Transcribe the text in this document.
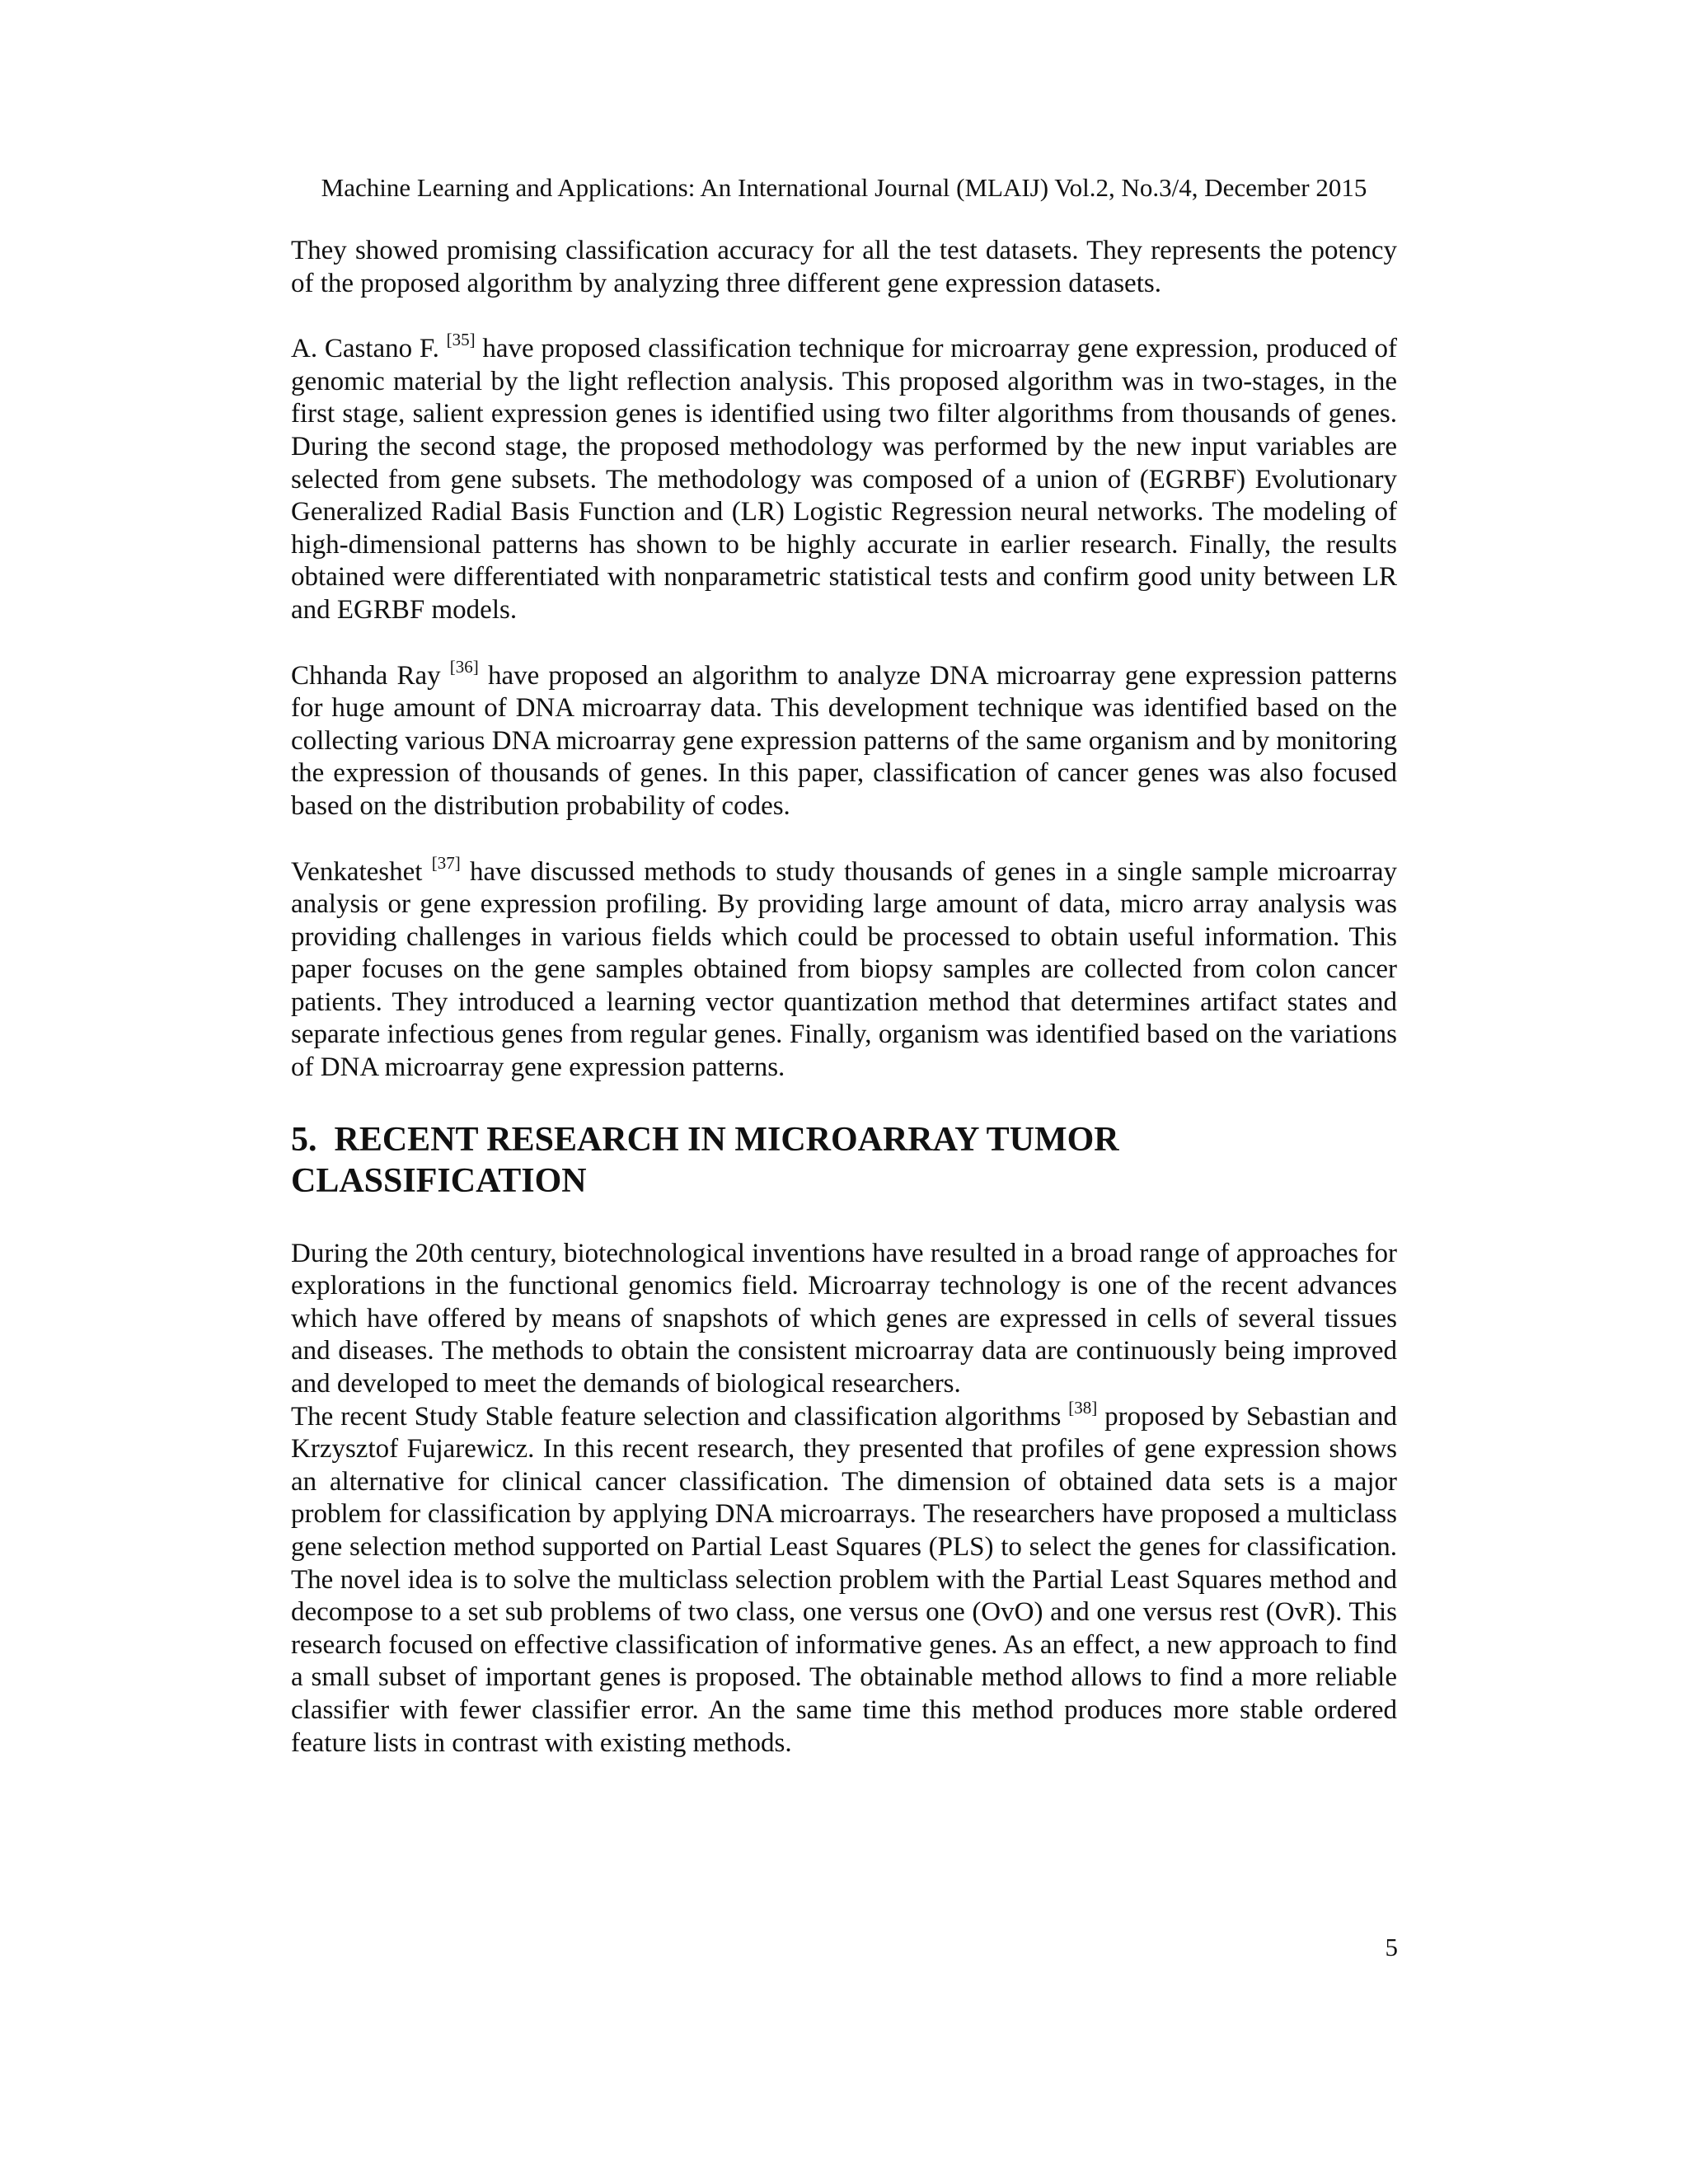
Machine Learning and Applications: An International Journal (MLAIJ) Vol.2, No.3/4, December 2015

They showed promising classification accuracy for all the test datasets. They represents the potency of the proposed algorithm by analyzing three different gene expression datasets.

A. Castano F. [35] have proposed classification technique for microarray gene expression, produced of genomic material by the light reflection analysis. This proposed algorithm was in two-stages, in the first stage, salient expression genes is identified using two filter algorithms from thousands of genes. During the second stage, the proposed methodology was performed by the new input variables are selected from gene subsets. The methodology was composed of a union of (EGRBF) Evolutionary Generalized Radial Basis Function and (LR) Logistic Regression neural networks. The modeling of high-dimensional patterns has shown to be highly accurate in earlier research. Finally, the results obtained were differentiated with nonparametric statistical tests and confirm good unity between LR and EGRBF models.

Chhanda Ray [36] have proposed an algorithm to analyze DNA microarray gene expression patterns for huge amount of DNA microarray data. This development technique was identified based on the collecting various DNA microarray gene expression patterns of the same organism and by monitoring the expression of thousands of genes. In this paper, classification of cancer genes was also focused based on the distribution probability of codes.

Venkateshet [37] have discussed methods to study thousands of genes in a single sample microarray analysis or gene expression profiling. By providing large amount of data, micro array analysis was providing challenges in various fields which could be processed to obtain useful information. This paper focuses on the gene samples obtained from biopsy samples are collected from colon cancer patients. They introduced a learning vector quantization method that determines artifact states and separate infectious genes from regular genes. Finally, organism was identified based on the variations of DNA microarray gene expression patterns.

5.  RECENT RESEARCH IN MICROARRAY TUMOR
CLASSIFICATION

During the 20th century, biotechnological inventions have resulted in a broad range of approaches for explorations in the functional genomics field. Microarray technology is one of the recent advances which have offered by means of snapshots of which genes are expressed in cells of several tissues and diseases. The methods to obtain the consistent microarray data are continuously being improved and developed to meet the demands of biological researchers.

The recent Study Stable feature selection and classification algorithms [38] proposed by Sebastian and Krzysztof Fujarewicz. In this recent research, they presented that profiles of gene expression shows an alternative for clinical cancer classification. The dimension of obtained data sets is a major problem for classification by applying DNA microarrays. The researchers have proposed a multiclass gene selection method supported on Partial Least Squares (PLS) to select the genes for classification. The novel idea is to solve the multiclass selection problem with the Partial Least Squares method and decompose to a set sub problems of two class, one versus one (OvO) and one versus rest (OvR). This research focused on effective classification of informative genes. As an effect, a new approach to find a small subset of important genes is proposed. The obtainable method allows to find a more reliable classifier with fewer classifier error. An the same time this method produces more stable ordered feature lists in contrast with existing methods.

5
